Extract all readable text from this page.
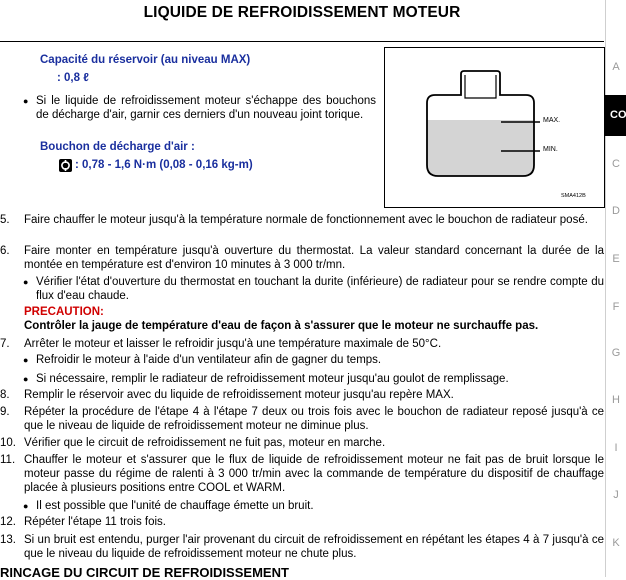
LIQUIDE DE REFROIDISSEMENT MOTEUR
Capacité du réservoir (au niveau MAX)
: 0,8 ℓ
● Si le liquide de refroidissement moteur s'échappe des bouchons de décharge d'air, garnir ces derniers d'un nouveau joint torique.
Bouchon de décharge d'air :
: 0,78 - 1,6 N·m (0,08 - 0,16 kg-m)
MAX.
MIN.
SMA412B
5.	Faire chauffer le moteur jusqu'à la température normale de fonctionnement avec le bouchon de radiateur posé.
6.	Faire monter en température jusqu'à ouverture du thermostat. La valeur standard concernant la durée de la montée en température est d'environ 10 minutes à 3 000 tr/mn.
● Vérifier l'état d'ouverture du thermostat en touchant la durite (inférieure) de radiateur pour se rendre compte du flux d'eau chaude.
PRECAUTION:
Contrôler la jauge de température d'eau de façon à s'assurer que le moteur ne surchauffe pas.
7.	Arrêter le moteur et laisser le refroidir jusqu'à une température maximale de 50°C.
● Refroidir le moteur à l'aide d'un ventilateur afin de gagner du temps.
● Si nécessaire, remplir le radiateur de refroidissement moteur jusqu'au goulot de remplissage.
8.	Remplir le réservoir avec du liquide de refroidissement moteur jusqu'au repère MAX.
9.	Répéter la procédure de l'étape 4 à l'étape 7 deux ou trois fois avec le bouchon de radiateur reposé jusqu'à ce que le niveau de liquide de refroidissement moteur ne diminue plus.
10. Vérifier que le circuit de refroidissement ne fuit pas, moteur en marche.
11. Chauffer le moteur et s'assurer que le flux de liquide de refroidissement moteur ne fait pas de bruit lorsque le moteur passe du régime de ralenti à 3 000 tr/min avec la commande de température du dispositif de chauffage placée à plusieurs positions entre COOL et WARM.
● Il est possible que l'unité de chauffage émette un bruit.
12. Répéter l'étape 11 trois fois.
13. Si un bruit est entendu, purger l'air provenant du circuit de refroidissement en répétant les étapes 4 à 7 jusqu'à ce que le niveau du liquide de refroidissement moteur ne chute plus.
RINCAGE DU CIRCUIT DE REFROIDISSEMENT
A
CO
C
D
E
F
G
H
I
J
K
